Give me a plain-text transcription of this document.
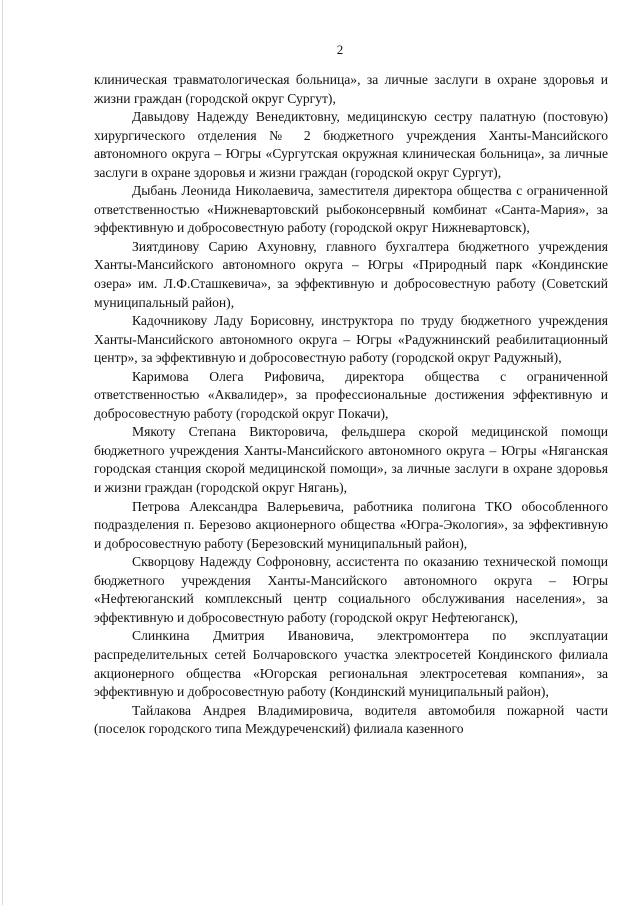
2

клиническая травматологическая больница», за личные заслуги в охране здоровья и жизни граждан (городской округ Сургут),

Давыдову Надежду Венедиктовну, медицинскую сестру палатную (постовую) хирургического отделения № 2 бюджетного учреждения Ханты-Мансийского автономного округа – Югры «Сургутская окружная клиническая больница», за личные заслуги в охране здоровья и жизни граждан (городской округ Сургут),

Дыбань Леонида Николаевича, заместителя директора общества с ограниченной ответственностью «Нижневартовский рыбоконсервный комбинат «Санта-Мария», за эффективную и добросовестную работу (городской округ Нижневартовск),

Зиятдинову Сарию Ахуновну, главного бухгалтера бюджетного учреждения Ханты-Мансийского автономного округа – Югры «Природный парк «Кондинские озера» им. Л.Ф.Сташкевича», за эффективную и добросовестную работу (Советский муниципальный район),

Кадочникову Ладу Борисовну, инструктора по труду бюджетного учреждения Ханты-Мансийского автономного округа – Югры «Радужнинский реабилитационный центр», за эффективную и добросовестную работу (городской округ Радужный),

Каримова Олега Рифовича, директора общества с ограниченной ответственностью «Аквалидер», за профессиональные достижения эффективную и добросовестную работу (городской округ Покачи),

Мякоту Степана Викторовича, фельдшера скорой медицинской помощи бюджетного учреждения Ханты-Мансийского автономного округа – Югры «Няганская городская станция скорой медицинской помощи», за личные заслуги в охране здоровья и жизни граждан (городской округ Нягань),

Петрова Александра Валерьевича, работника полигона ТКО обособленного подразделения п. Березово акционерного общества «Югра-Экология», за эффективную и добросовестную работу (Березовский муниципальный район),

Скворцову Надежду Софроновну, ассистента по оказанию технической помощи бюджетного учреждения Ханты-Мансийского автономного округа – Югры «Нефтеюганский комплексный центр социального обслуживания населения», за эффективную и добросовестную работу (городской округ Нефтеюганск),

Слинкина Дмитрия Ивановича, электромонтера по эксплуатации распределительных сетей Болчаровского участка электросетей Кондинского филиала акционерного общества «Югорская региональная электросетевая компания», за эффективную и добросовестную работу (Кондинский муниципальный район),

Тайлакова Андрея Владимировича, водителя автомобиля пожарной части (поселок городского типа Междуреченский) филиала казенного
